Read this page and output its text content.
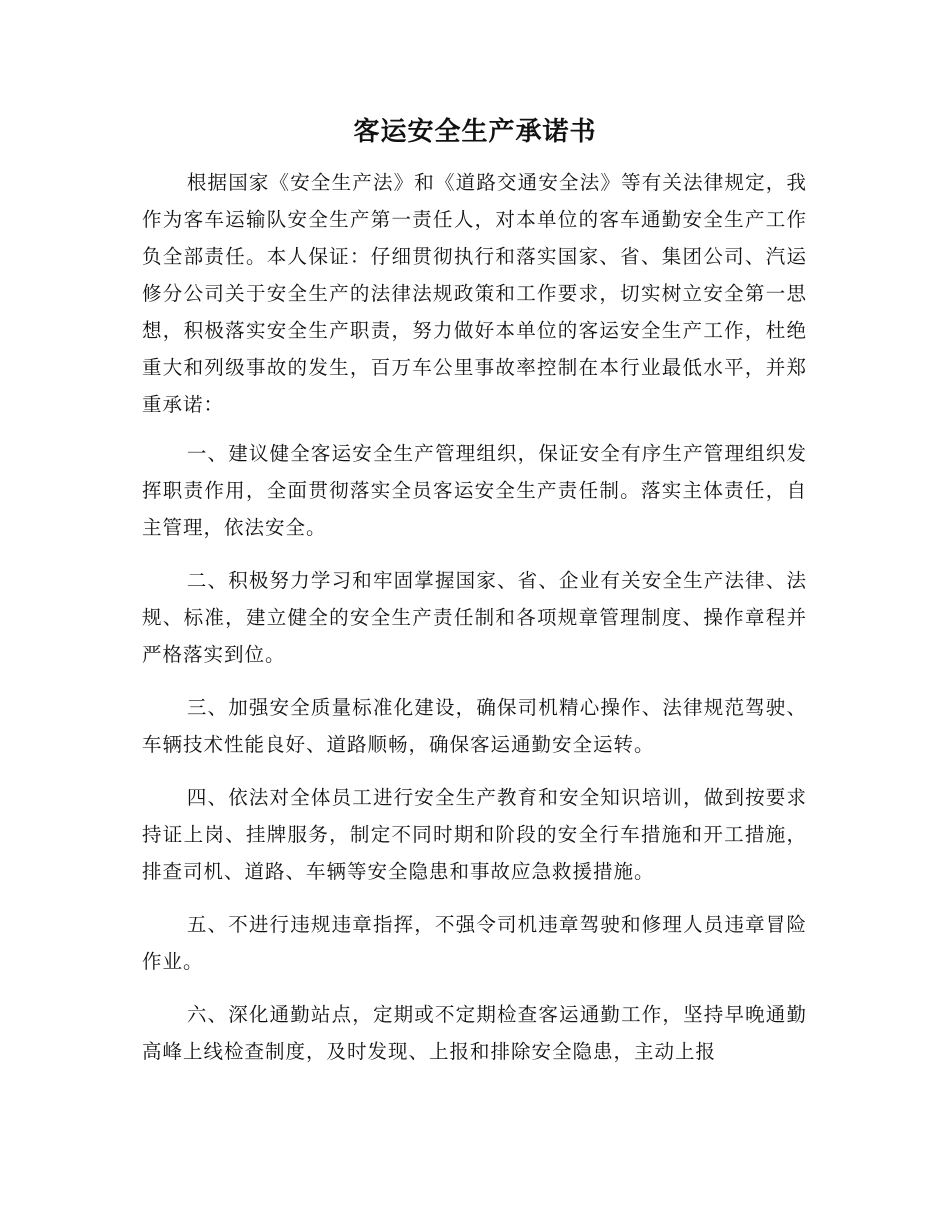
客运安全生产承诺书

根据国家《安全生产法》和《道路交通安全法》等有关法律规定，我作为客车运输队安全生产第一责任人，对本单位的客车通勤安全生产工作负全部责任。本人保证：仔细贯彻执行和落实国家、省、集团公司、汽运修分公司关于安全生产的法律法规政策和工作要求，切实树立安全第一思想，积极落实安全生产职责，努力做好本单位的客运安全生产工作，杜绝重大和列级事故的发生，百万车公里事故率控制在本行业最低水平，并郑重承诺：

一、建议健全客运安全生产管理组织，保证安全有序生产管理组织发挥职责作用，全面贯彻落实全员客运安全生产责任制。落实主体责任，自主管理，依法安全。

二、积极努力学习和牢固掌握国家、省、企业有关安全生产法律、法规、标准，建立健全的安全生产责任制和各项规章管理制度、操作章程并严格落实到位。

三、加强安全质量标准化建设，确保司机精心操作、法律规范驾驶、车辆技术性能良好、道路顺畅，确保客运通勤安全运转。

四、依法对全体员工进行安全生产教育和安全知识培训，做到按要求持证上岗、挂牌服务，制定不同时期和阶段的安全行车措施和开工措施，排查司机、道路、车辆等安全隐患和事故应急救援措施。

五、不进行违规违章指挥，不强令司机违章驾驶和修理人员违章冒险作业。

六、深化通勤站点，定期或不定期检查客运通勤工作，坚持早晚通勤高峰上线检查制度，及时发现、上报和排除安全隐患，主动上报
